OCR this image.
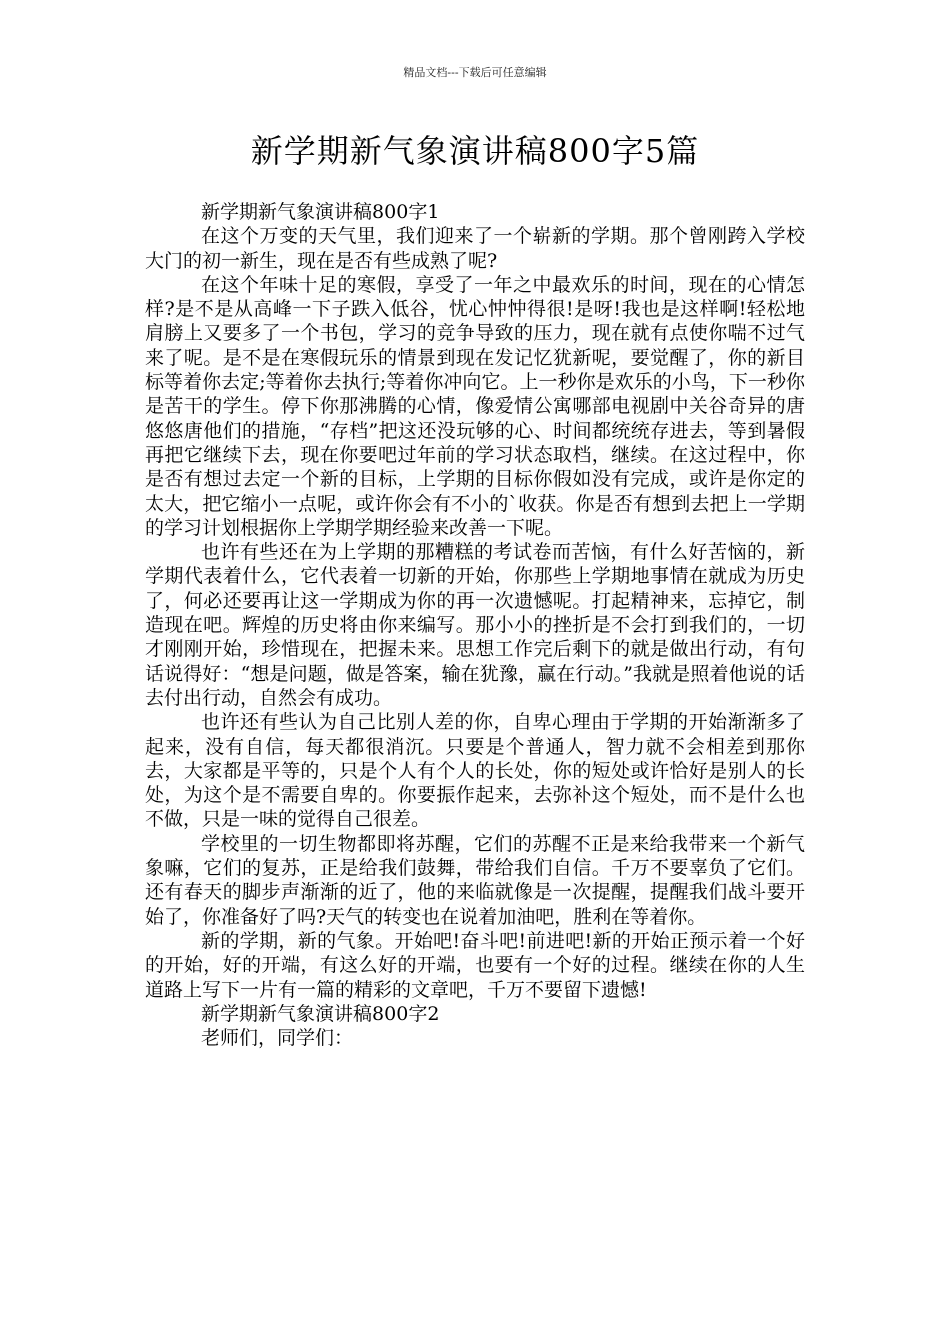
精品文档---下载后可任意编辑
新学期新气象演讲稿800字5篇

新学期新气象演讲稿800字1

在这个万变的天气里，我们迎来了一个崭新的学期。那个曾刚跨入学校大门的初一新生，现在是否有些成熟了呢?

在这个年味十足的寒假，享受了一年之中最欢乐的时间，现在的心情怎样?是不是从高峰一下子跌入低谷，忧心忡忡得很!是呀!我也是这样啊!轻松地肩膀上又要多了一个书包，学习的竞争导致的压力，现在就有点使你喘不过气来了呢。是不是在寒假玩乐的情景到现在发记忆犹新呢，要觉醒了，你的新目标等着你去定;等着你去执行;等着你冲向它。上一秒你是欢乐的小鸟，下一秒你是苦干的学生。停下你那沸腾的心情，像爱情公寓哪部电视剧中关谷奇异的唐悠悠唐他们的措施，“存档”把这还没玩够的心、时间都统统存进去，等到暑假再把它继续下去，现在你要吧过年前的学习状态取档，继续。在这过程中，你是否有想过去定一个新的目标，上学期的目标你假如没有完成，或许是你定的太大，把它缩小一点呢，或许你会有不小的`收获。你是否有想到去把上一学期的学习计划根据你上学期学期经验来改善一下呢。

也许有些还在为上学期的那糟糕的考试卷而苦恼，有什么好苦恼的，新学期代表着什么，它代表着一切新的开始，你那些上学期地事情在就成为历史了，何必还要再让这一学期成为你的再一次遗憾呢。打起精神来，忘掉它，制造现在吧。辉煌的历史将由你来编写。那小小的挫折是不会打到我们的，一切才刚刚开始，珍惜现在，把握未来。思想工作完后剩下的就是做出行动，有句话说得好：“想是问题，做是答案，输在犹豫，赢在行动。”我就是照着他说的话去付出行动，自然会有成功。

也许还有些认为自己比别人差的你，自卑心理由于学期的开始渐渐多了起来，没有自信，每天都很消沉。只要是个普通人，智力就不会相差到那你去，大家都是平等的，只是个人有个人的长处，你的短处或许恰好是别人的长处，为这个是不需要自卑的。你要振作起来，去弥补这个短处，而不是什么也不做，只是一味的觉得自己很差。

学校里的一切生物都即将苏醒，它们的苏醒不正是来给我带来一个新气象嘛，它们的复苏，正是给我们鼓舞，带给我们自信。千万不要辜负了它们。还有春天的脚步声渐渐的近了，他的来临就像是一次提醒，提醒我们战斗要开始了，你准备好了吗?天气的转变也在说着加油吧，胜利在等着你。

新的学期，新的气象。开始吧!奋斗吧!前进吧!新的开始正预示着一个好的开始，好的开端，有这么好的开端，也要有一个好的过程。继续在你的人生道路上写下一片有一篇的精彩的文章吧，千万不要留下遗憾!

新学期新气象演讲稿800字2

老师们，同学们：
